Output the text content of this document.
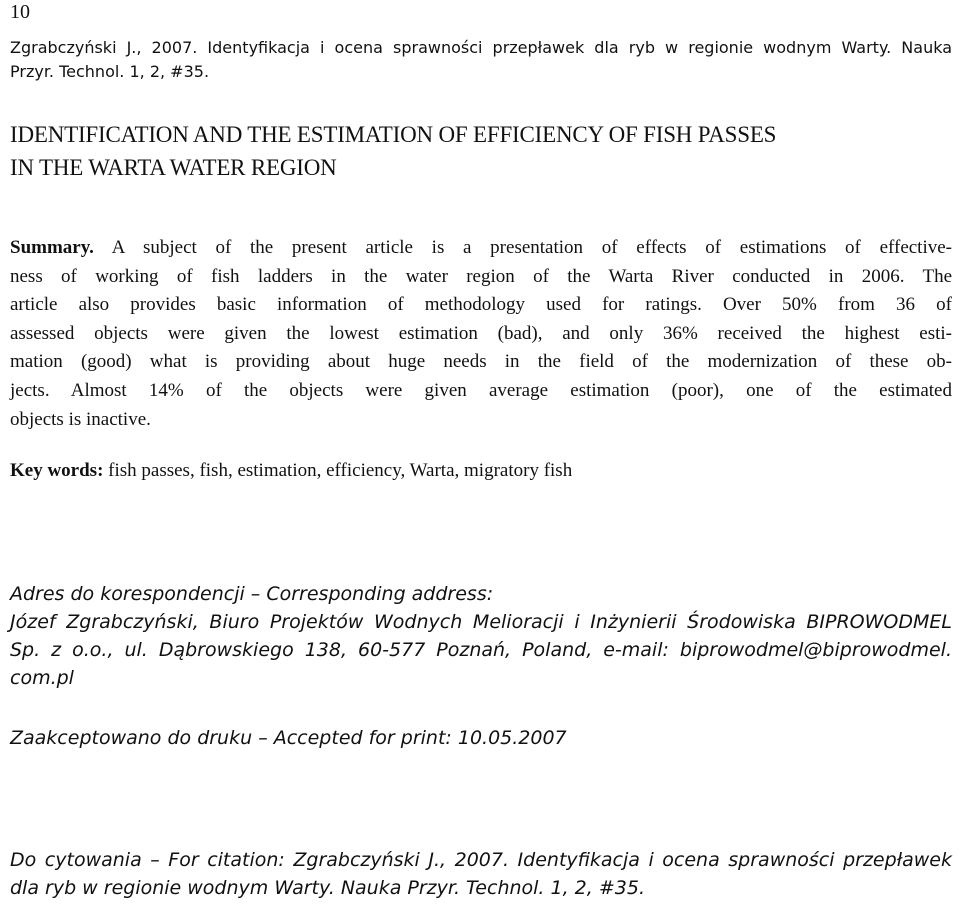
10
Zgrabczyński J., 2007. Identyfikacja i ocena sprawności przepławek dla ryb w regionie wodnym Warty. Nauka
Przyr. Technol. 1, 2, #35.
IDENTIFICATION AND THE ESTIMATION OF EFFICIENCY OF FISH PASSES
IN THE WARTA WATER REGION
Summary. A subject of the present article is a presentation of effects of estimations of effective-
ness of working of fish ladders in the water region of the Warta River conducted in 2006. The
article also provides basic information of methodology used for ratings. Over 50% from 36 of
assessed objects were given the lowest estimation (bad), and only 36% received the highest esti-
mation (good) what is providing about huge needs in the field of the modernization of these ob-
jects. Almost 14% of the objects were given average estimation (poor), one of the estimated
objects is inactive.
Key words: fish passes, fish, estimation, efficiency, Warta, migratory fish
Adres do korespondencji – Corresponding address:
Józef Zgrabczyński, Biuro Projektów Wodnych Melioracji i Inżynierii Środowiska BIPROWODMEL
Sp. z o.o., ul. Dąbrowskiego 138, 60-577 Poznań, Poland, e-mail: biprowodmel@biprowodmel.
com.pl
Zaakceptowano do druku – Accepted for print: 10.05.2007
Do cytowania – For citation: Zgrabczyński J., 2007. Identyfikacja i ocena sprawności przepławek
dla ryb w regionie wodnym Warty. Nauka Przyr. Technol. 1, 2, #35.
